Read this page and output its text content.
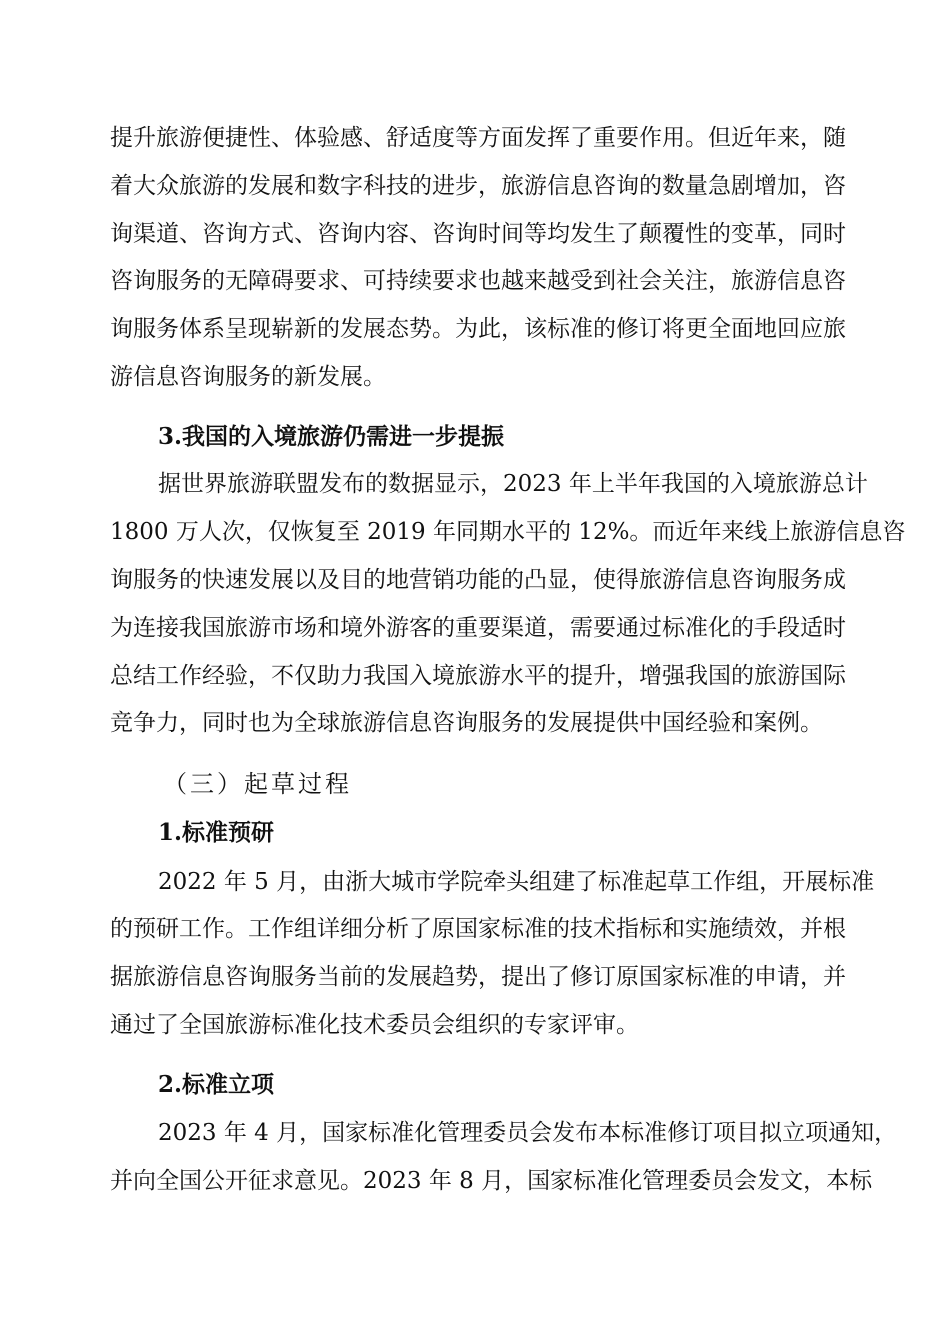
提升旅游便捷性、体验感、舒适度等方面发挥了重要作用。但近年来，随
着大众旅游的发展和数字科技的进步，旅游信息咨询的数量急剧增加，咨
询渠道、咨询方式、咨询内容、咨询时间等均发生了颠覆性的变革，同时
咨询服务的无障碍要求、可持续要求也越来越受到社会关注，旅游信息咨
询服务体系呈现崭新的发展态势。为此，该标准的修订将更全面地回应旅
游信息咨询服务的新发展。
3.我国的入境旅游仍需进一步提振
据世界旅游联盟发布的数据显示，2023 年上半年我国的入境旅游总计
1800 万人次，仅恢复至 2019 年同期水平的 12%。而近年来线上旅游信息咨
询服务的快速发展以及目的地营销功能的凸显，使得旅游信息咨询服务成
为连接我国旅游市场和境外游客的重要渠道，需要通过标准化的手段适时
总结工作经验，不仅助力我国入境旅游水平的提升，增强我国的旅游国际
竞争力，同时也为全球旅游信息咨询服务的发展提供中国经验和案例。
（三）起草过程
1.标准预研
2022 年 5 月，由浙大城市学院牵头组建了标准起草工作组，开展标准
的预研工作。工作组详细分析了原国家标准的技术指标和实施绩效，并根
据旅游信息咨询服务当前的发展趋势，提出了修订原国家标准的申请，并
通过了全国旅游标准化技术委员会组织的专家评审。
2.标准立项
2023 年 4 月，国家标准化管理委员会发布本标准修订项目拟立项通知，
并向全国公开征求意见。2023 年 8 月，国家标准化管理委员会发文，本标
